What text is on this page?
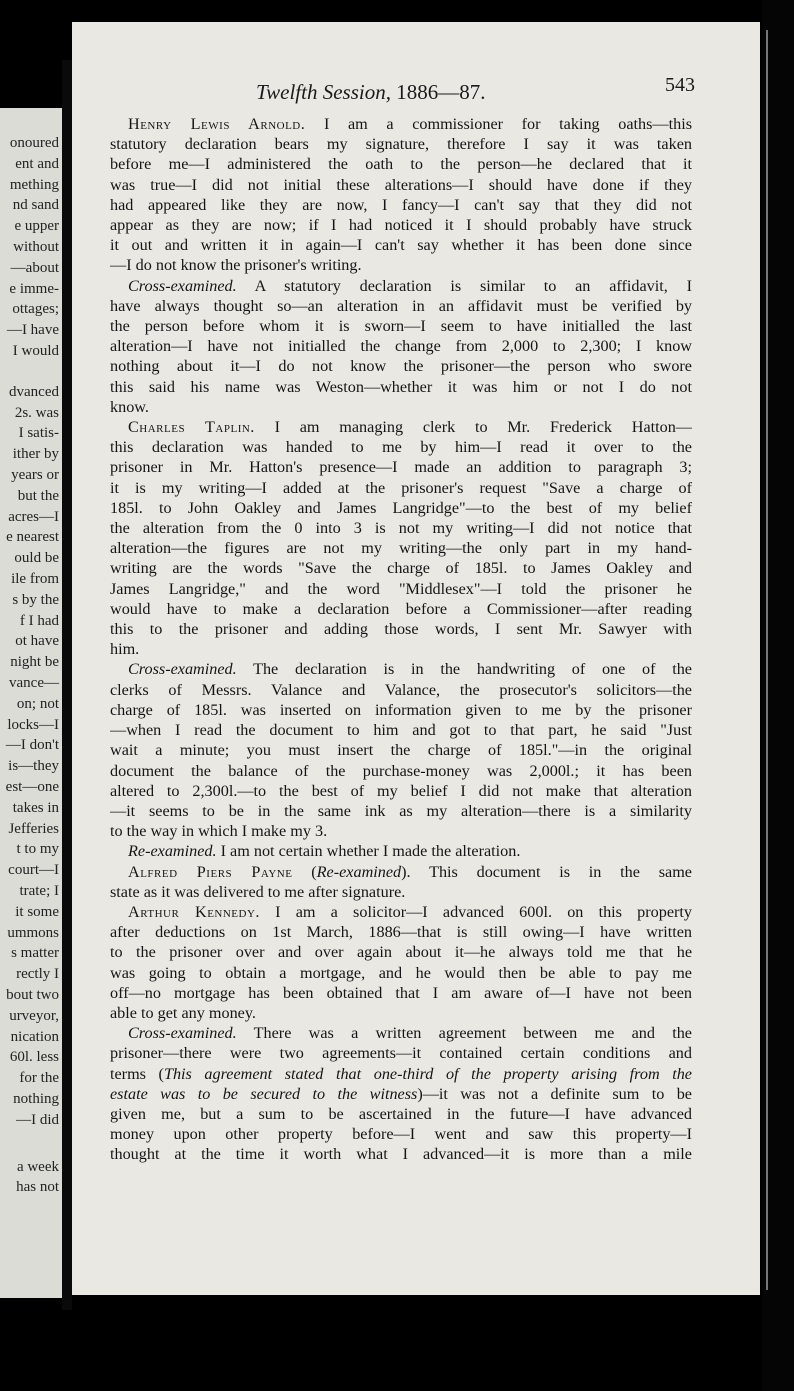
onoured
ent and
mething
nd sand
e upper
without
—about
e imme-
ottages;
—I have
I would
dvanced
2s. was
I satis-
ither by
years or
but the
acres—I
e nearest
ould be
ile from
s by the
f I had
ot have
night be
vance—
on; not
locks—I
—I don't
is—they
est—one
takes in
Jefferies
t to my
court—I
trate; I
it some
ummons
s matter
rectly I
bout two
urveyor,
nication
60l. less
for the
nothing
—I did
a week
has not
Twelfth Session, 1886—87.	543
Henry Lewis Arnold. I am a commissioner for taking oaths—this
statutory declaration bears my signature, therefore I say it was taken
before me—I administered the oath to the person—he declared that it
was true—I did not initial these alterations—I should have done if they
had appeared like they are now, I fancy—I can't say that they did not
appear as they are now; if I had noticed it I should probably have struck
it out and written it in again—I can't say whether it has been done since
—I do not know the prisoner's writing.
Cross-examined. A statutory declaration is similar to an affidavit, I
have always thought so—an alteration in an affidavit must be verified by
the person before whom it is sworn—I seem to have initialled the last
alteration—I have not initialled the change from 2,000 to 2,300; I know
nothing about it—I do not know the prisoner—the person who swore
this said his name was Weston—whether it was him or not I do not
know.
Charles Taplin. I am managing clerk to Mr. Frederick Hatton—
this declaration was handed to me by him—I read it over to the
prisoner in Mr. Hatton's presence—I made an addition to paragraph 3;
it is my writing—I added at the prisoner's request "Save a charge of
185l. to John Oakley and James Langridge"—to the best of my belief
the alteration from the 0 into 3 is not my writing—I did not notice that
alteration—the figures are not my writing—the only part in my hand-
writing are the words "Save the charge of 185l. to James Oakley and
James Langridge," and the word "Middlesex"—I told the prisoner he
would have to make a declaration before a Commissioner—after reading
this to the prisoner and adding those words, I sent Mr. Sawyer with
him.
Cross-examined. The declaration is in the handwriting of one of the
clerks of Messrs. Valance and Valance, the prosecutor's solicitors—the
charge of 185l. was inserted on information given to me by the prisoner
—when I read the document to him and got to that part, he said "Just
wait a minute; you must insert the charge of 185l."—in the original
document the balance of the purchase-money was 2,000l.; it has been
altered to 2,300l.—to the best of my belief I did not make that alteration
—it seems to be in the same ink as my alteration—there is a similarity
to the way in which I make my 3.
Re-examined. I am not certain whether I made the alteration.
Alfred Piers Payne (Re-examined). This document is in the same
state as it was delivered to me after signature.
Arthur Kennedy. I am a solicitor—I advanced 600l. on this property
after deductions on 1st March, 1886—that is still owing—I have written
to the prisoner over and over again about it—he always told me that he
was going to obtain a mortgage, and he would then be able to pay me
off—no mortgage has been obtained that I am aware of—I have not been
able to get any money.
Cross-examined. There was a written agreement between me and the
prisoner—there were two agreements—it contained certain conditions and
terms (This agreement stated that one-third of the property arising from the
estate was to be secured to the witness)—it was not a definite sum to be
given me, but a sum to be ascertained in the future—I have advanced
money upon other property before—I went and saw this property—I
thought at the time it worth what I advanced—it is more than a mile
